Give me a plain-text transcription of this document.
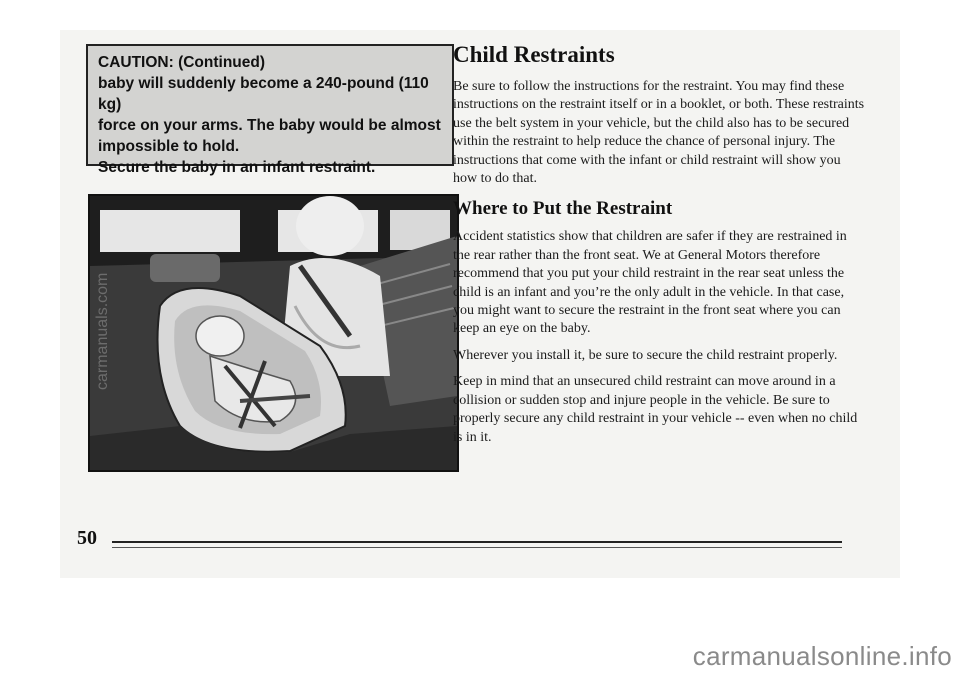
CAUTION: (Continued)

baby will suddenly become a 240-pound (110 kg)

force on your arms. The baby would be almost

impossible to hold.

Secure the baby in an infant restraint.

Child Restraints

Be sure to follow the instructions for the restraint. You may find these instructions on the restraint itself or in a booklet, or both. These restraints use the belt system in your vehicle, but the child also has to be secured within the restraint to help reduce the chance of personal injury. The instructions that come with the infant or child restraint will show you how to do that.

Where to Put the Restraint

Accident statistics show that children are safer if they are restrained in the rear rather than the front seat. We at General Motors therefore recommend that you put your child restraint in the rear seat unless the child is an infant and you’re the only adult in the vehicle. In that case, you might want to secure the restraint in the front seat where you can keep an eye on the baby.

Wherever you install it, be sure to secure the child restraint properly.

Keep in mind that an unsecured child restraint can move around in a collision or sudden stop and injure people in the vehicle. Be sure to properly secure any child restraint in your vehicle -- even when no child is in it.

50
carmanuals.com
carmanualsonline.info
